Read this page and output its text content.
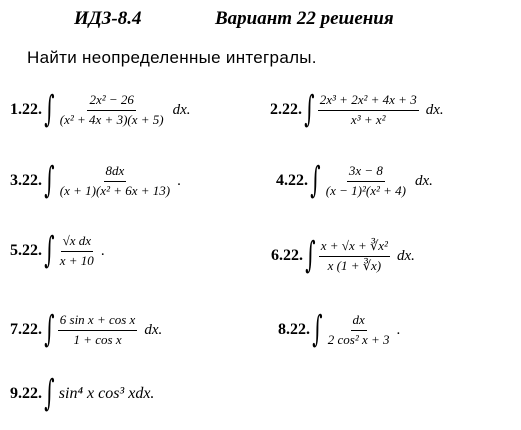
ИДЗ-8.4	Вариант 22 решения
Найти неопределенные интегралы.
1.22. ∫ $\frac{\text{2x² − 26}}{\text{(x² + 4x + 3)(x + 5)}}$ dx.	2.22. ∫ $\frac{\text{2x³ + 2x² + 4x + 3}}{\text{x³ + x²}}$ dx.
3.22. ∫ $\frac{8dx}{\text{(x + 1)(x² + 6x + 13)}}$ .	4.22. ∫ $\frac{3x - 8}{\text{(x − 1)²(x² + 4)}}$ dx.
5.22. ∫ $\frac{\text{√x dx}}{x + 10}$ .	6.22. ∫ $\frac{\text{x + √x + ∛x²}}{x (1 + ∛x)}$ dx.
7.22. ∫ $\frac{\text{6 sin x + cos x}}{\text{1 + cos x}}$ dx.	8.22. ∫ $\frac{dx}{\text{2 cos² x + 3}}$ .
9.22. ∫ sin⁴ x cos³ xdx.
